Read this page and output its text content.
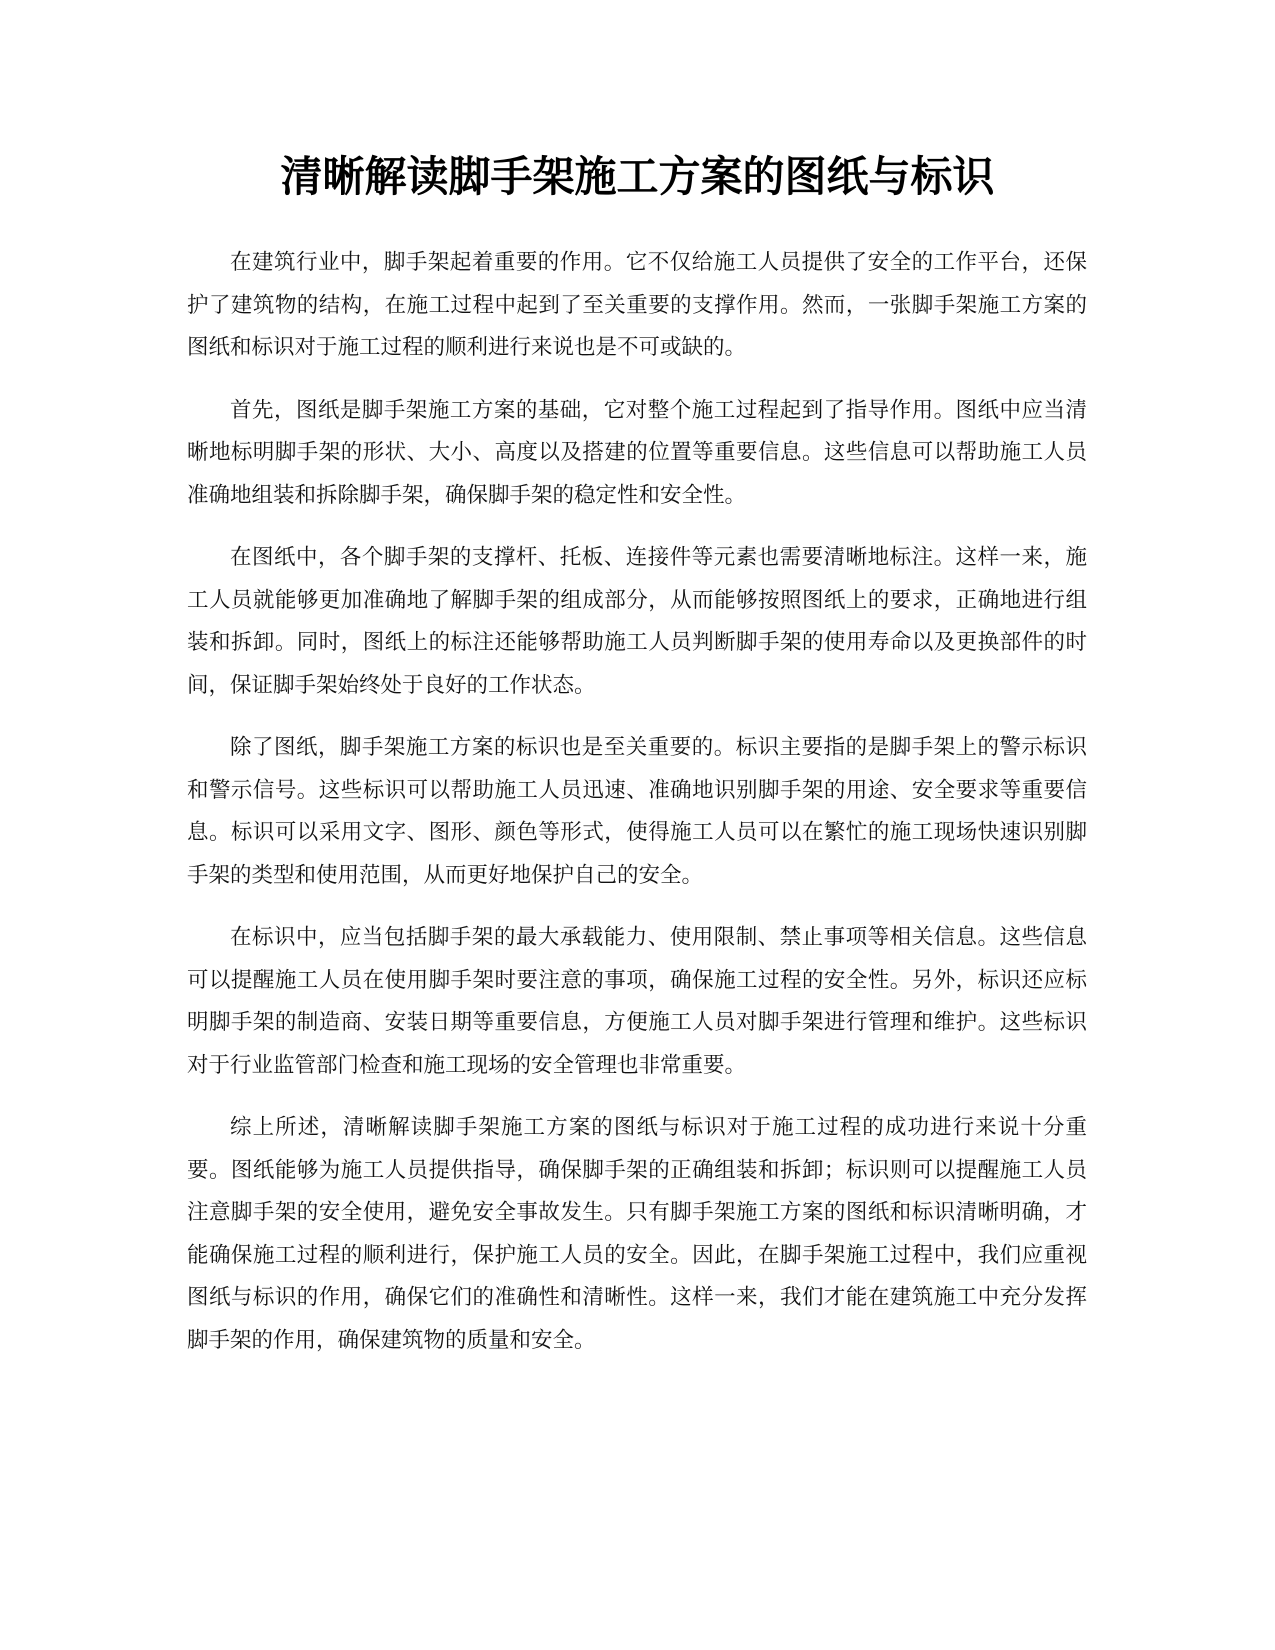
清晰解读脚手架施工方案的图纸与标识

在建筑行业中，脚手架起着重要的作用。它不仅给施工人员提供了安全的工作平台，还保护了建筑物的结构，在施工过程中起到了至关重要的支撑作用。然而，一张脚手架施工方案的图纸和标识对于施工过程的顺利进行来说也是不可或缺的。

首先，图纸是脚手架施工方案的基础，它对整个施工过程起到了指导作用。图纸中应当清晰地标明脚手架的形状、大小、高度以及搭建的位置等重要信息。这些信息可以帮助施工人员准确地组装和拆除脚手架，确保脚手架的稳定性和安全性。

在图纸中，各个脚手架的支撑杆、托板、连接件等元素也需要清晰地标注。这样一来，施工人员就能够更加准确地了解脚手架的组成部分，从而能够按照图纸上的要求，正确地进行组装和拆卸。同时，图纸上的标注还能够帮助施工人员判断脚手架的使用寿命以及更换部件的时间，保证脚手架始终处于良好的工作状态。

除了图纸，脚手架施工方案的标识也是至关重要的。标识主要指的是脚手架上的警示标识和警示信号。这些标识可以帮助施工人员迅速、准确地识别脚手架的用途、安全要求等重要信息。标识可以采用文字、图形、颜色等形式，使得施工人员可以在繁忙的施工现场快速识别脚手架的类型和使用范围，从而更好地保护自己的安全。

在标识中，应当包括脚手架的最大承载能力、使用限制、禁止事项等相关信息。这些信息可以提醒施工人员在使用脚手架时要注意的事项，确保施工过程的安全性。另外，标识还应标明脚手架的制造商、安装日期等重要信息，方便施工人员对脚手架进行管理和维护。这些标识对于行业监管部门检查和施工现场的安全管理也非常重要。

综上所述，清晰解读脚手架施工方案的图纸与标识对于施工过程的成功进行来说十分重要。图纸能够为施工人员提供指导，确保脚手架的正确组装和拆卸；标识则可以提醒施工人员注意脚手架的安全使用，避免安全事故发生。只有脚手架施工方案的图纸和标识清晰明确，才能确保施工过程的顺利进行，保护施工人员的安全。因此，在脚手架施工过程中，我们应重视图纸与标识的作用，确保它们的准确性和清晰性。这样一来，我们才能在建筑施工中充分发挥脚手架的作用，确保建筑物的质量和安全。
